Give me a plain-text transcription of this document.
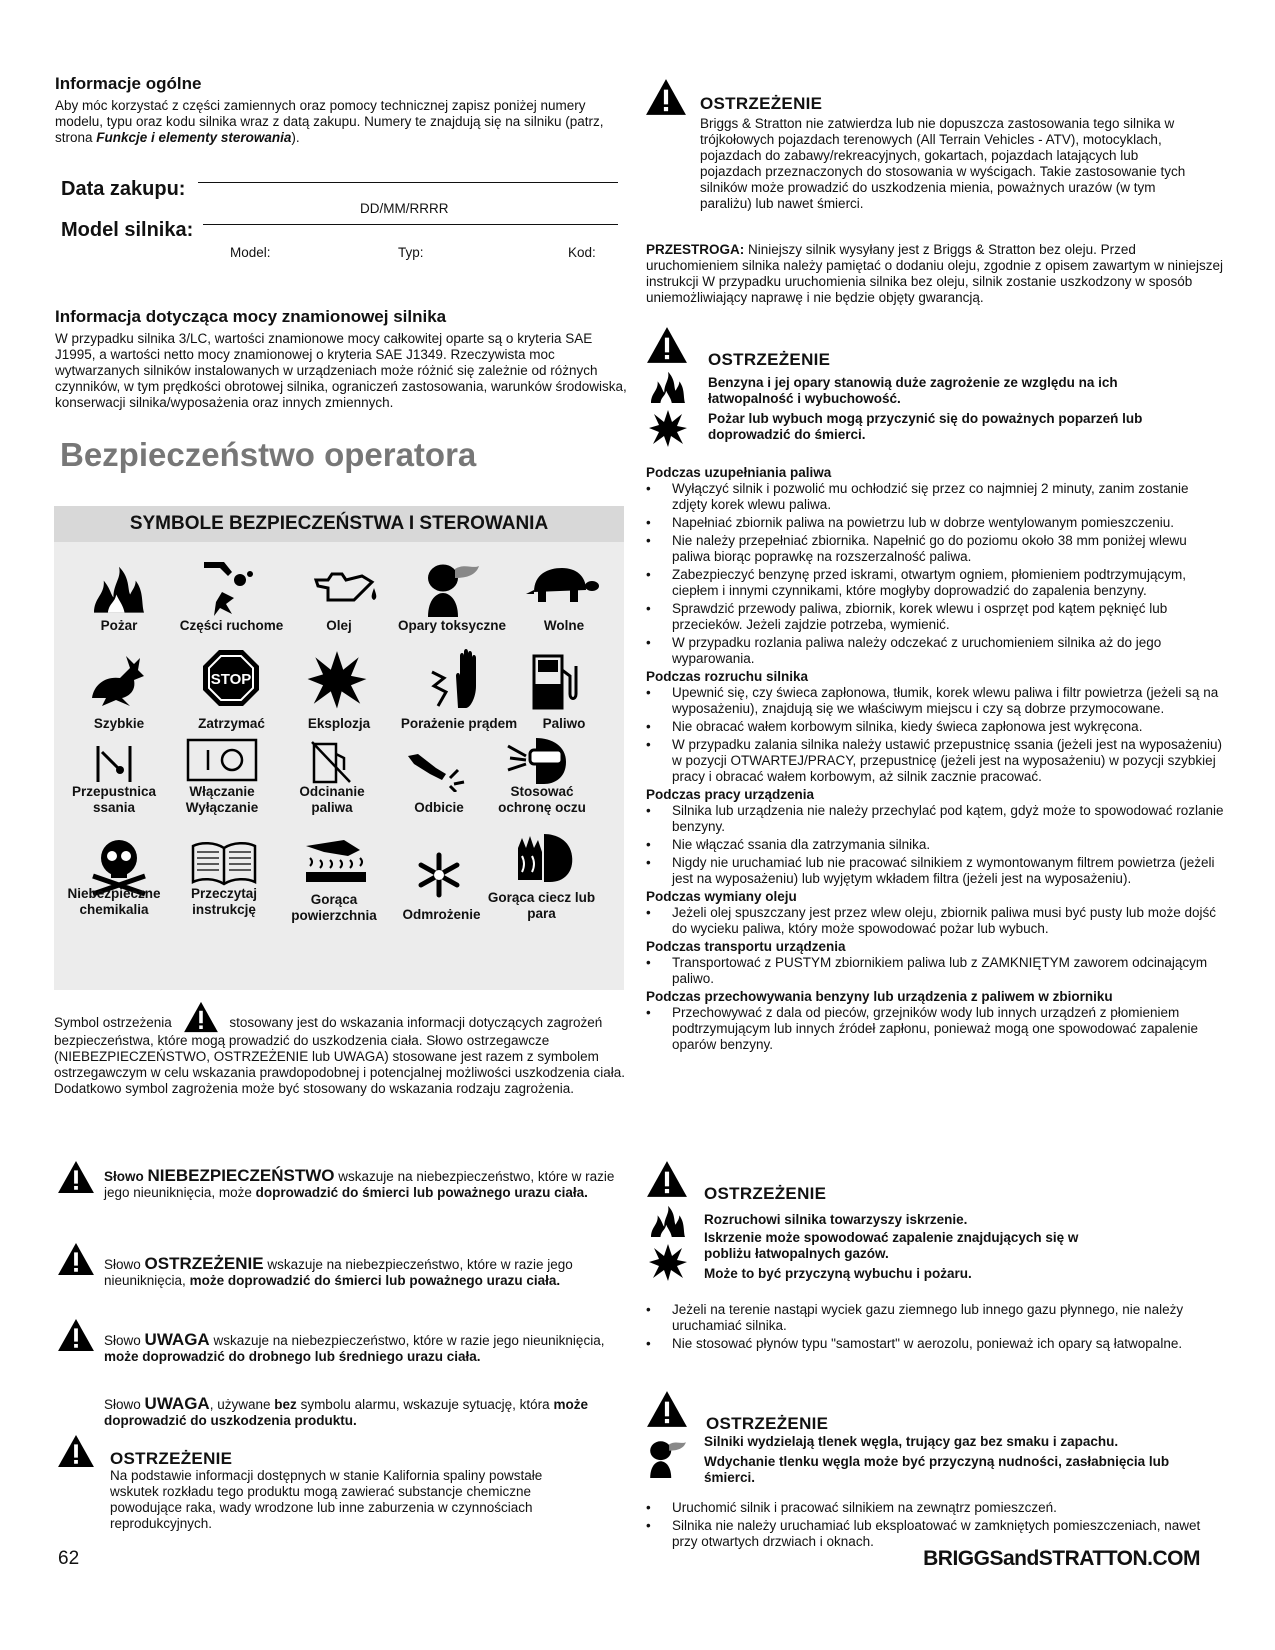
Informacje ogólne

Aby móc korzystać z części zamiennych oraz pomocy technicznej zapisz poniżej numery modelu, typu oraz kodu silnika wraz z datą zakupu. Numery te znajdują się na silniku (patrz, strona Funkcje i elementy sterowania).

Data zakupu:
DD/MM/RRRR
Model silnika:
Model:	Typ:	Kod:

Informacja dotycząca mocy znamionowej silnika

W przypadku silnika 3/LC, wartości znamionowe mocy całkowitej oparte są o kryteria SAE J1995, a wartości netto mocy znamionowej o kryteria SAE J1349. Rzeczywista moc wytwarzanych silników instalowanych w urządzeniach może różnić się zależnie od różnych czynników, w tym prędkości obrotowej silnika, ograniczeń zastosowania, warunków środowiska, konserwacji silnika/wyposażenia oraz innych zmiennych.

Bezpieczeństwo operatora
SYMBOLE BEZPIECZEŃSTWA I STEROWANIA
Pożar	Części ruchome	Olej	Opary toksyczne	Wolne
Szybkie
STOP
Zatrzymać	Eksplozja	Porażenie prądem	Paliwo
Przepustnica ssania
Włączanie Wyłączanie
Odcinanie paliwa	Odbicie
Stosować ochronę oczu
Niebezpieczne chemikalia
Przeczytaj instrukcję
Gorąca powierzchnia	Odmrożenie
Gorąca ciecz lub para

Symbol ostrzeżenia	stosowany jest do wskazania informacji dotyczących zagrożeń bezpieczeństwa, które mogą prowadzić do uszkodzenia ciała. Słowo ostrzegawcze (NIEBEZPIECZEŃSTWO, OSTRZEŻENIE lub UWAGA) stosowane jest razem z symbolem ostrzegawczym w celu wskazania prawdopodobnej i potencjalnej możliwości uszkodzenia ciała. Dodatkowo symbol zagrożenia może być stosowany do wskazania rodzaju zagrożenia.

Słowo NIEBEZPIECZEŃSTWO wskazuje na niebezpieczeństwo, które w razie jego nieuniknięcia, może doprowadzić do śmierci lub poważnego urazu ciała.
Słowo OSTRZEŻENIE wskazuje na niebezpieczeństwo, które w razie jego nieuniknięcia, może doprowadzić do śmierci lub poważnego urazu ciała.
Słowo UWAGA wskazuje na niebezpieczeństwo, które w razie jego nieuniknięcia, może doprowadzić do drobnego lub średniego urazu ciała.
Słowo UWAGA, używane bez symbolu alarmu, wskazuje sytuację, która może doprowadzić do uszkodzenia produktu.
OSTRZEŻENIE
Na podstawie informacji dostępnych w stanie Kalifornia spaliny powstałe wskutek rozkładu tego produktu mogą zawierać substancje chemiczne powodujące raka, wady wrodzone lub inne zaburzenia w czynnościach reprodukcyjnych.
62
OSTRZEŻENIE
Briggs & Stratton nie zatwierdza lub nie dopuszcza zastosowania tego silnika w trójkołowych pojazdach terenowych (All Terrain Vehicles - ATV), motocyklach, pojazdach do zabawy/rekreacyjnych, gokartach, pojazdach latających lub pojazdach przeznaczonych do stosowania w wyścigach. Takie zastosowanie tych silników może prowadzić do uszkodzenia mienia, poważnych urazów (w tym paraliżu) lub nawet śmierci.
PRZESTROGA: Niniejszy silnik wysyłany jest z Briggs & Stratton bez oleju. Przed uruchomieniem silnika należy pamiętać o dodaniu oleju, zgodnie z opisem zawartym w niniejszej instrukcji W przypadku uruchomienia silnika bez oleju, silnik zostanie uszkodzony w sposób uniemożliwiający naprawę i nie będzie objęty gwarancją.
OSTRZEŻENIE
Benzyna i jej opary stanowią duże zagrożenie ze względu na ich łatwopalność i wybuchowość.
Pożar lub wybuch mogą przyczynić się do poważnych poparzeń lub doprowadzić do śmierci.
Podczas uzupełniania paliwa
• Wyłączyć silnik i pozwolić mu ochłodzić się przez co najmniej 2 minuty, zanim zostanie zdjęty korek wlewu paliwa.
• Napełniać zbiornik paliwa na powietrzu lub w dobrze wentylowanym pomieszczeniu.
• Nie należy przepełniać zbiornika. Napełnić go do poziomu około 38 mm poniżej wlewu paliwa biorąc poprawkę na rozszerzalność paliwa.
• Zabezpieczyć benzynę przed iskrami, otwartym ogniem, płomieniem podtrzymującym, ciepłem i innymi czynnikami, które mogłyby doprowadzić do zapalenia benzyny.
• Sprawdzić przewody paliwa, zbiornik, korek wlewu i osprzęt pod kątem pęknięć lub przecieków. Jeżeli zajdzie potrzeba, wymienić.
• W przypadku rozlania paliwa należy odczekać z uruchomieniem silnika aż do jego wyparowania.
Podczas rozruchu silnika
• Upewnić się, czy świeca zapłonowa, tłumik, korek wlewu paliwa i filtr powietrza (jeżeli są na wyposażeniu), znajdują się we właściwym miejscu i czy są dobrze przymocowane.
• Nie obracać wałem korbowym silnika, kiedy świeca zapłonowa jest wykręcona.
• W przypadku zalania silnika należy ustawić przepustnicę ssania (jeżeli jest na wyposażeniu) w pozycji OTWARTEJ/PRACY, przepustnicę (jeżeli jest na wyposażeniu) w pozycji szybkiej pracy i obracać wałem korbowym, aż silnik zacznie pracować.
Podczas pracy urządzenia
• Silnika lub urządzenia nie należy przechylać pod kątem, gdyż może to spowodować rozlanie benzyny.
• Nie włączać ssania dla zatrzymania silnika.
• Nigdy nie uruchamiać lub nie pracować silnikiem z wymontowanym filtrem powietrza (jeżeli jest na wyposażeniu) lub wyjętym wkładem filtra (jeżeli jest na wyposażeniu).
Podczas wymiany oleju
• Jeżeli olej spuszczany jest przez wlew oleju, zbiornik paliwa musi być pusty lub może dojść do wycieku paliwa, który może spowodować pożar lub wybuch.
Podczas transportu urządzenia
• Transportować z PUSTYM zbiornikiem paliwa lub z ZAMKNIĘTYM zaworem odcinającym paliwo.
Podczas przechowywania benzyny lub urządzenia z paliwem w zbiorniku
• Przechowywać z dala od pieców, grzejników wody lub innych urządzeń z płomieniem podtrzymującym lub innych źródeł zapłonu, ponieważ mogą one spowodować zapalenie oparów benzyny.
OSTRZEŻENIE
Rozruchowi silnika towarzyszy iskrzenie.
Iskrzenie może spowodować zapalenie znajdujących się w pobliżu łatwopalnych gazów.
Może to być przyczyną wybuchu i pożaru.
• Jeżeli na terenie nastąpi wyciek gazu ziemnego lub innego gazu płynnego, nie należy uruchamiać silnika.
• Nie stosować płynów typu "samostart" w aerozolu, ponieważ ich opary są łatwopalne.
OSTRZEŻENIE
Silniki wydzielają tlenek węgla, trujący gaz bez smaku i zapachu.
Wdychanie tlenku węgla może być przyczyną nudności, zasłabnięcia lub śmierci.
• Uruchomić silnik i pracować silnikiem na zewnątrz pomieszczeń.
• Silnika nie należy uruchamiać lub eksploatować w zamkniętych pomieszczeniach, nawet przy otwartych drzwiach i oknach.
BRIGGSandSTRATTON.COM
